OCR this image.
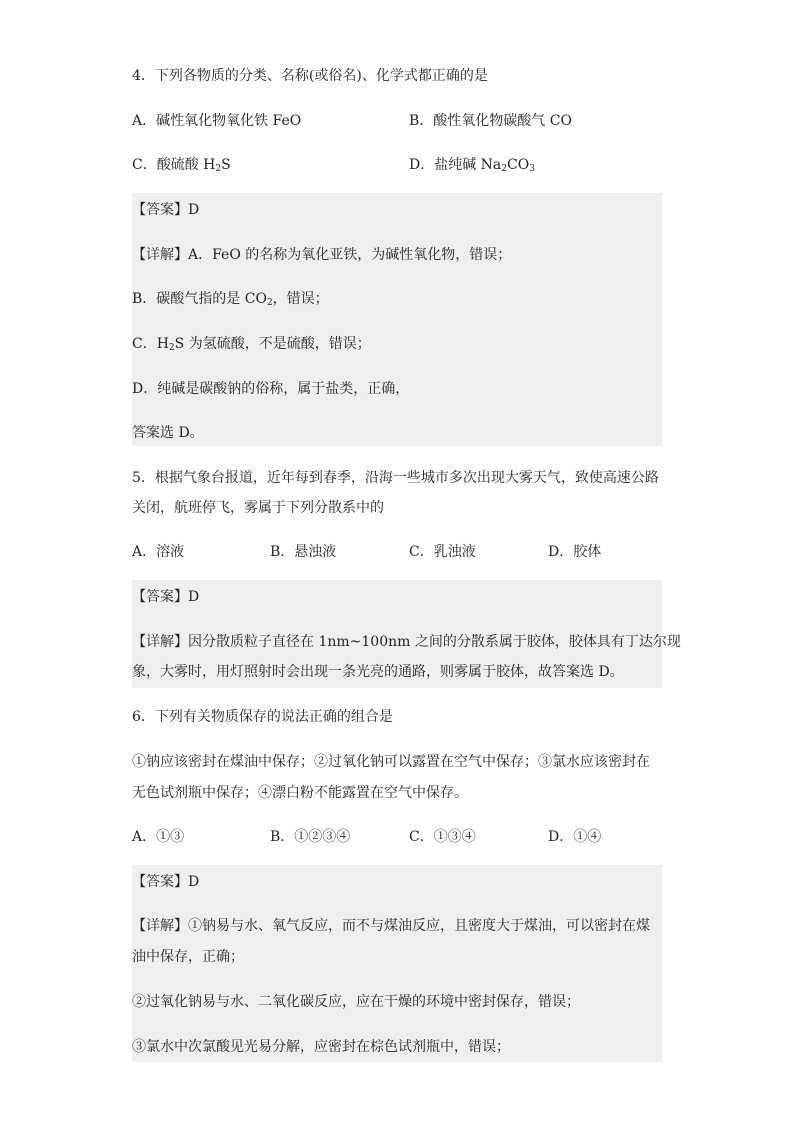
4．下列各物质的分类、名称(或俗名)、化学式都正确的是
A．碱性氧化物氧化铁 FeO	B．酸性氧化物碳酸气 CO
C．酸硫酸 $H_2S$	D．盐纯碱 $Na_2CO_3$
【答案】D
【详解】A．FeO 的名称为氧化亚铁，为碱性氧化物，错误；
B．碳酸气指的是 $CO_2$，错误；
C．$H_2S$ 为氢硫酸，不是硫酸，错误；
D．纯碱是碳酸钠的俗称，属于盐类，正确，
答案选 D。
5．根据气象台报道，近年每到春季，沿海一些城市多次出现大雾天气，致使高速公路
关闭，航班停飞，雾属于下列分散系中的
A．溶液	B．悬浊液	C．乳浊液	D．胶体
【答案】D
【详解】因分散质粒子直径在 1nm~100nm 之间的分散系属于胶体，胶体具有丁达尔现
象，大雾时，用灯照射时会出现一条光亮的通路，则雾属于胶体，故答案选 D。
6．下列有关物质保存的说法正确的组合是
①钠应该密封在煤油中保存；②过氧化钠可以露置在空气中保存；③氯水应该密封在
无色试剂瓶中保存；④漂白粉不能露置在空气中保存。
A．①③	B．①②③④	C．①③④	D．①④
【答案】D
【详解】①钠易与水、氧气反应，而不与煤油反应，且密度大于煤油，可以密封在煤
油中保存，正确；
②过氧化钠易与水、二氧化碳反应，应在干燥的环境中密封保存，错误；
③氯水中次氯酸见光易分解，应密封在棕色试剂瓶中，错误；
